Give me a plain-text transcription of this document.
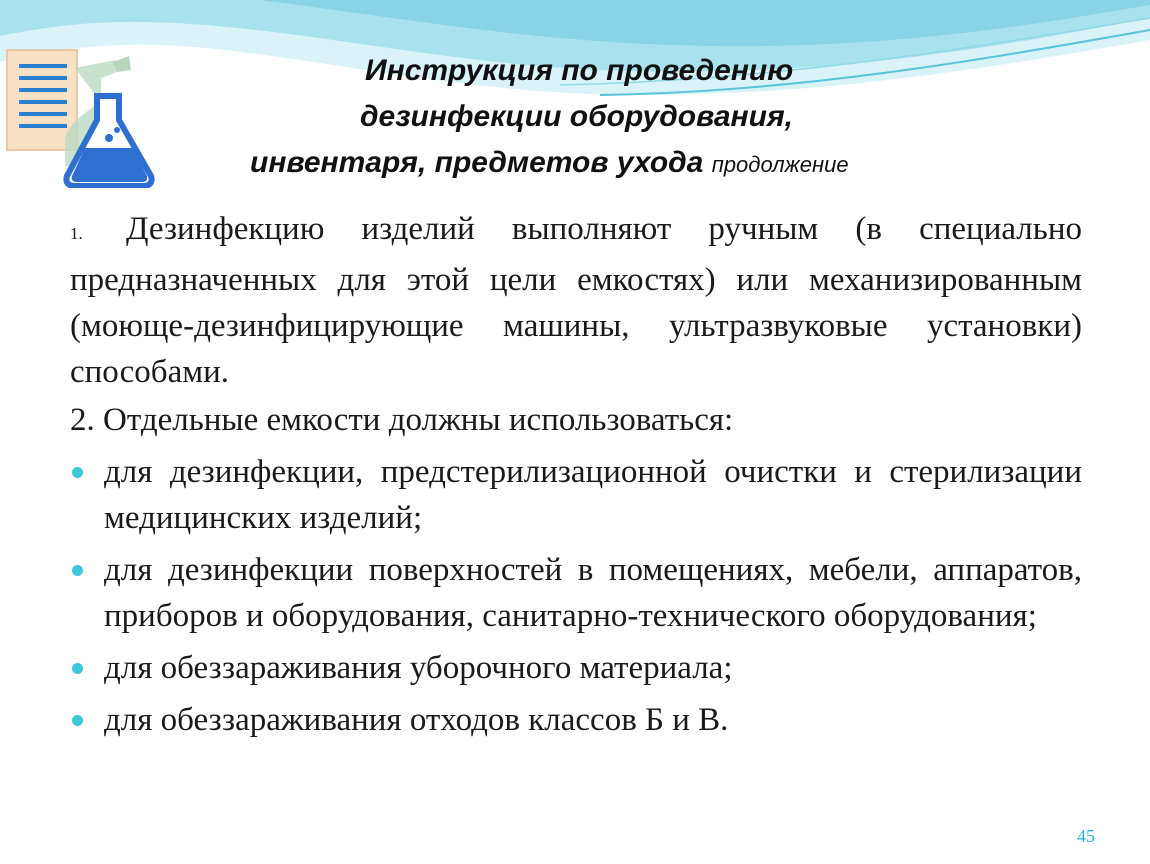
Инструкция по проведению
дезинфекции оборудования,
инвентаря, предметов ухода продолжение

1. Дезинфекцию изделий выполняют ручным (в специально предназначенных для этой цели емкостях) или механизированным (моюще-дезинфицирующие машины, ультразвуковые установки) способами.

2. Отдельные емкости должны использоваться:

для дезинфекции, предстерилизационной очистки и стерилизации медицинских изделий;
для дезинфекции поверхностей в помещениях, мебели, аппаратов, приборов и оборудования, санитарно-технического оборудования;
для обеззараживания уборочного материала;
для обеззараживания отходов классов Б и В.
45
